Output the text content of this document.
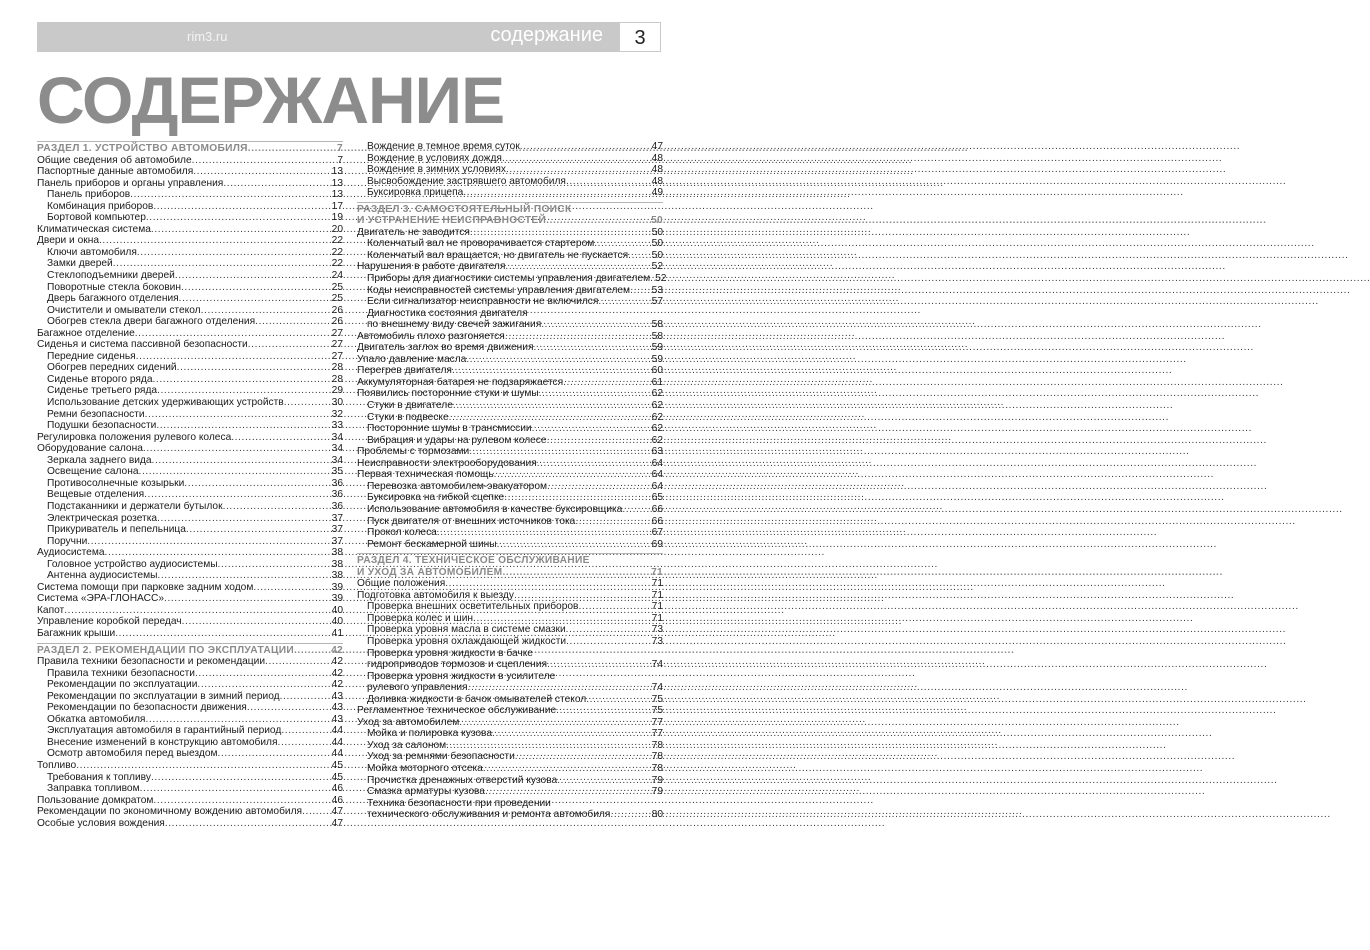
rim3.ru	содержание	3
СОДЕРЖАНИЕ
РАЗДЕЛ 1. УСТРОЙСТВО АВТОМОБИЛЯ .....	7
Общие сведения об автомобиле .....	7
Паспортные данные автомобиля .....	13
Панель приборов и органы управления .....	13
Панель приборов .....	13
Комбинация приборов .....	17
Бортовой компьютер .....	19
Климатическая система .....	20
Двери и окна .....	22
Ключи автомобиля .....	22
Замки дверей .....	22
Стеклоподъемники дверей .....	24
Поворотные стекла боковин .....	25
Дверь багажного отделения .....	25
Очистители и омыватели стекол .....	26
Обогрев стекла двери багажного отделения .....	26
Багажное отделение .....	27
Сиденья и система пассивной безопасности .....	27
Передние сиденья .....	27
Обогрев передних сидений .....	28
Сиденье второго ряда .....	28
Сиденье третьего ряда .....	29
Использование детских удерживающих устройств .....	30
Ремни безопасности .....	32
Подушки безопасности .....	33
Регулировка положения рулевого колеса .....	34
Оборудование салона .....	34
Зеркала заднего вида .....	34
Освещение салона .....	35
Противосолнечные козырьки .....	36
Вещевые отделения .....	36
Подстаканники и держатели бутылок .....	36
Электрическая розетка .....	37
Прикуриватель и пепельница .....	37
Поручни .....	37
Аудиосистема .....	38
Головное устройство аудиосистемы .....	38
Антенна аудиосистемы .....	38
Система помощи при парковке задним ходом .....	39
Система «ЭРА-ГЛОНАСС» .....	39
Капот .....	40
Управление коробкой передач .....	40
Багажник крыши .....	41
РАЗДЕЛ 2. РЕКОМЕНДАЦИИ ПО ЭКСПЛУАТАЦИИ .....	42
Правила техники безопасности и рекомендации .....	42
Правила техники безопасности .....	42
Рекомендации по эксплуатации .....	42
Рекомендации по эксплуатации в зимний период .....	43
Рекомендации по безопасности движения .....	43
Обкатка автомобиля .....	43
Эксплуатация автомобиля в гарантийный период .....	44
Внесение изменений в конструкцию автомобиля .....	44
Осмотр автомобиля перед выездом .....	44
Топливо .....	45
Требования к топливу .....	45
Заправка топливом .....	46
Пользование домкратом .....	46
Рекомендации по экономичному вождению автомобиля .....	47
Особые условия вождения .....	47
Вождение в темное время суток .....	47
Вождение в условиях дождя .....	48
Вождение в зимних условиях .....	48
Высвобождение застрявшего автомобиля .....	48
Буксировка прицепа .....	49
РАЗДЕЛ 3. САМОСТОЯТЕЛЬНЫЙ ПОИСК
И УСТРАНЕНИЕ НЕИСПРАВНОСТЕЙ .....	50
Двигатель не заводится .....	50
Коленчатый вал не проворачивается стартером .....	50
Коленчатый вал вращается, но двигатель не пускается ..... 50
Нарушения в работе двигателя .....	52
Приборы для диагностики системы управления двигателем ..... 52
Коды неисправностей системы управления двигателем ..... 53
Если сигнализатор неисправности не включился .....	57
Диагностика состояния двигателя
по внешнему виду свечей зажигания .....	58
Автомобиль плохо разгоняется .....	58
Двигатель заглох во время движения .....	59
Упало давление масла .....	59
Перегрев двигателя .....	60
Аккумуляторная батарея не подзаряжается .....	61
Появились посторонние стуки и шумы .....	62
Стуки в двигателе .....	62
Стуки в подвеске .....	62
Посторонние шумы в трансмиссии .....	62
Вибрация и удары на рулевом колесе .....	62
Проблемы с тормозами .....	63
Неисправности электрооборудования .....	64
Первая техническая помощь .....	64
Перевозка автомобилем-эвакуатором .....	64
Буксировка на гибкой сцепке .....	65
Использование автомобиля в качестве буксировщика .....	66
Пуск двигателя от внешних источников тока .....	66
Прокол колеса .....	67
Ремонт бескамерной шины .....	69
РАЗДЕЛ 4. ТЕХНИЧЕСКОЕ ОБСЛУЖИВАНИЕ
И УХОД ЗА АВТОМОБИЛЕМ .....	71
Общие положения .....	71
Подготовка автомобиля к выезду .....	71
Проверка внешних осветительных приборов .....	71
Проверка колес и шин .....	71
Проверка уровня масла в системе смазки .....	73
Проверка уровня охлаждающей жидкости .....	73
Проверка уровня жидкости в бачке
гидроприводов тормозов и сцепления .....	74
Проверка уровня жидкости в усилителе
рулевого управления .....	74
Доливка жидкости в бачок омывателей стекол .....	75
Регламентное техническое обслуживание .....	75
Уход за автомобилем .....	77
Мойка и полировка кузова .....	77
Уход за салоном .....	78
Уход за ремнями безопасности .....	78
Мойка моторного отсека .....	78
Прочистка дренажных отверстий кузова .....	79
Смазка арматуры кузова .....	79
Техника безопасности при проведении
технического обслуживания и ремонта автомобиля .....	80
